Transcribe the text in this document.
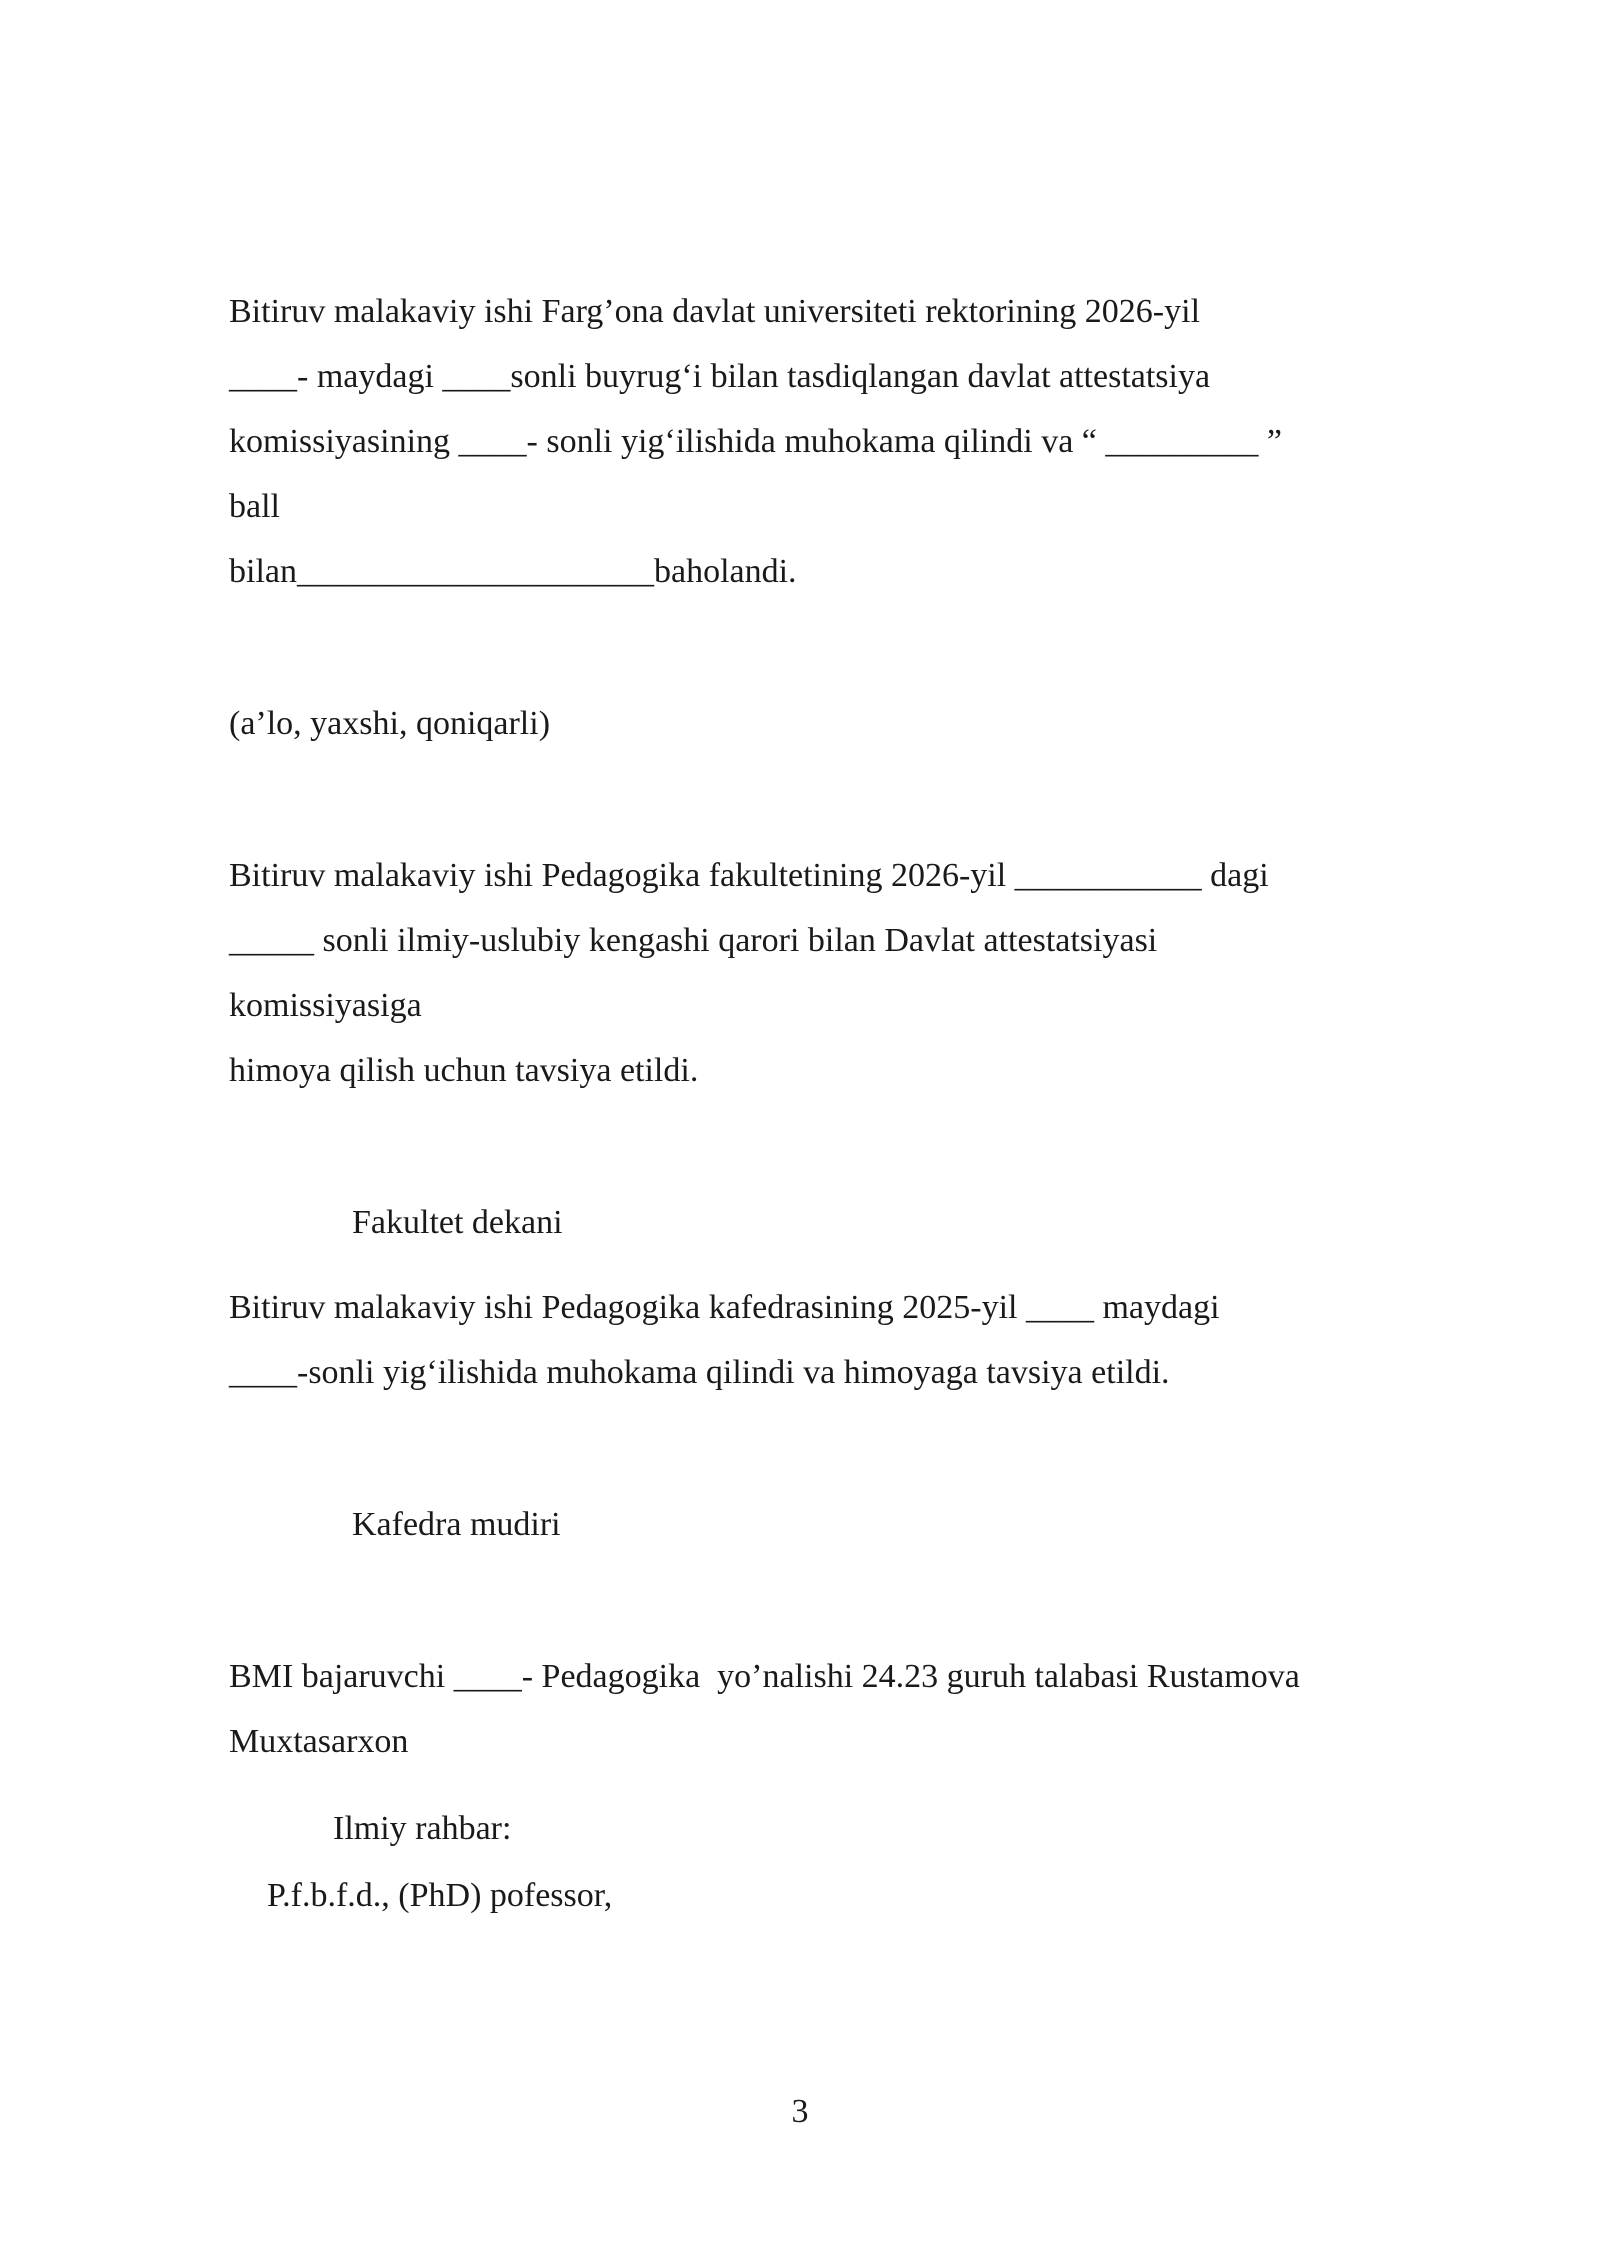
Bitiruv malakaviy ishi Farg’ona davlat universiteti rektorining 2026-yil
____- maydagi ____sonli buyrug‘i bilan tasdiqlangan davlat attestatsiya
komissiyasining ____- sonli yig‘ilishida muhokama qilindi va “ _________ ”
ball
bilan_____________________baholandi.
(a’lo, yaxshi, qoniqarli)
Bitiruv malakaviy ishi Pedagogika fakultetining 2026-yil ___________ dagi
_____ sonli ilmiy-uslubiy kengashi qarori bilan Davlat attestatsiyasi
komissiyasiga
himoya qilish uchun tavsiya etildi.
Fakultet dekani
Bitiruv malakaviy ishi Pedagogika kafedrasining 2025-yil ____ maydagi
____-sonli yig‘ilishida muhokama qilindi va himoyaga tavsiya etildi.
Kafedra mudiri
BMI bajaruvchi ____- Pedagogika  yo’nalishi 24.23 guruh talabasi Rustamova
Muxtasarxon
Ilmiy rahbar:
P.f.b.f.d., (PhD) pofessor,
3
